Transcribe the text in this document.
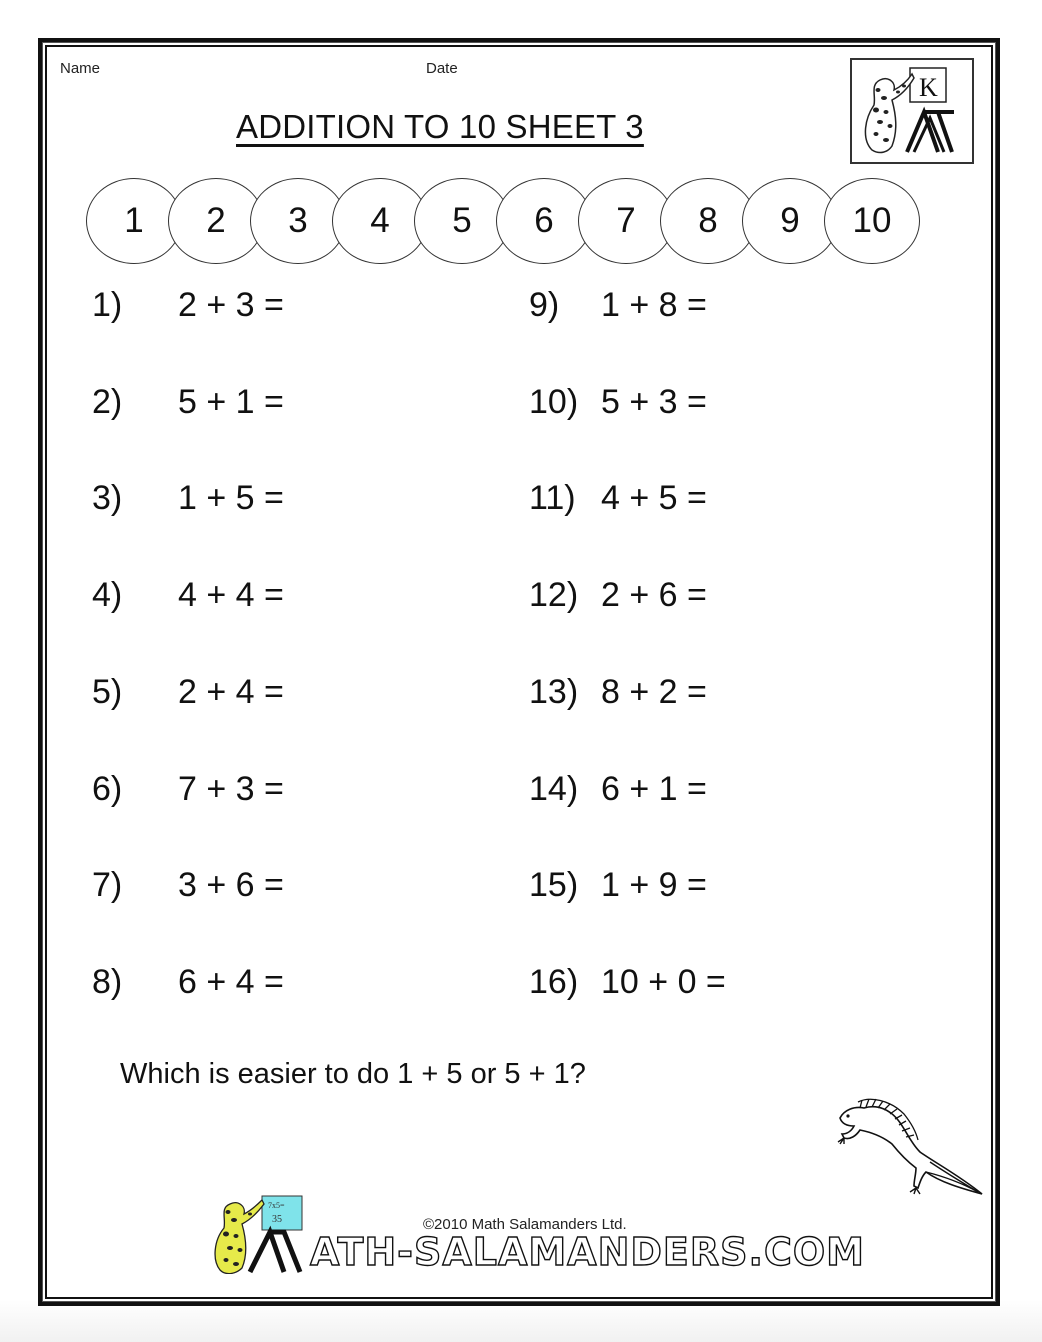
Name	Date
ADDITION TO 10 SHEET 3
K
1	2	3	4	5	6	7	8	9	10
1) 2 + 3 =
2) 5 + 1 =
3) 1 + 5 =
4) 4 + 4 =
5) 2 + 4 =
6) 7 + 3 =
7) 3 + 6 =
8) 6 + 4 =
9) 1 + 8 =
10) 5 + 3 =
11) 4 + 5 =
12) 2 + 6 =
13) 8 + 2 =
14) 6 + 1 =
15) 1 + 9 =
16) 10 + 0 =
Which is easier to do 1 + 5 or 5 + 1?
7x5=
35	©2010 Math Salamanders Ltd.
ATH-SALAMANDERS.COM
